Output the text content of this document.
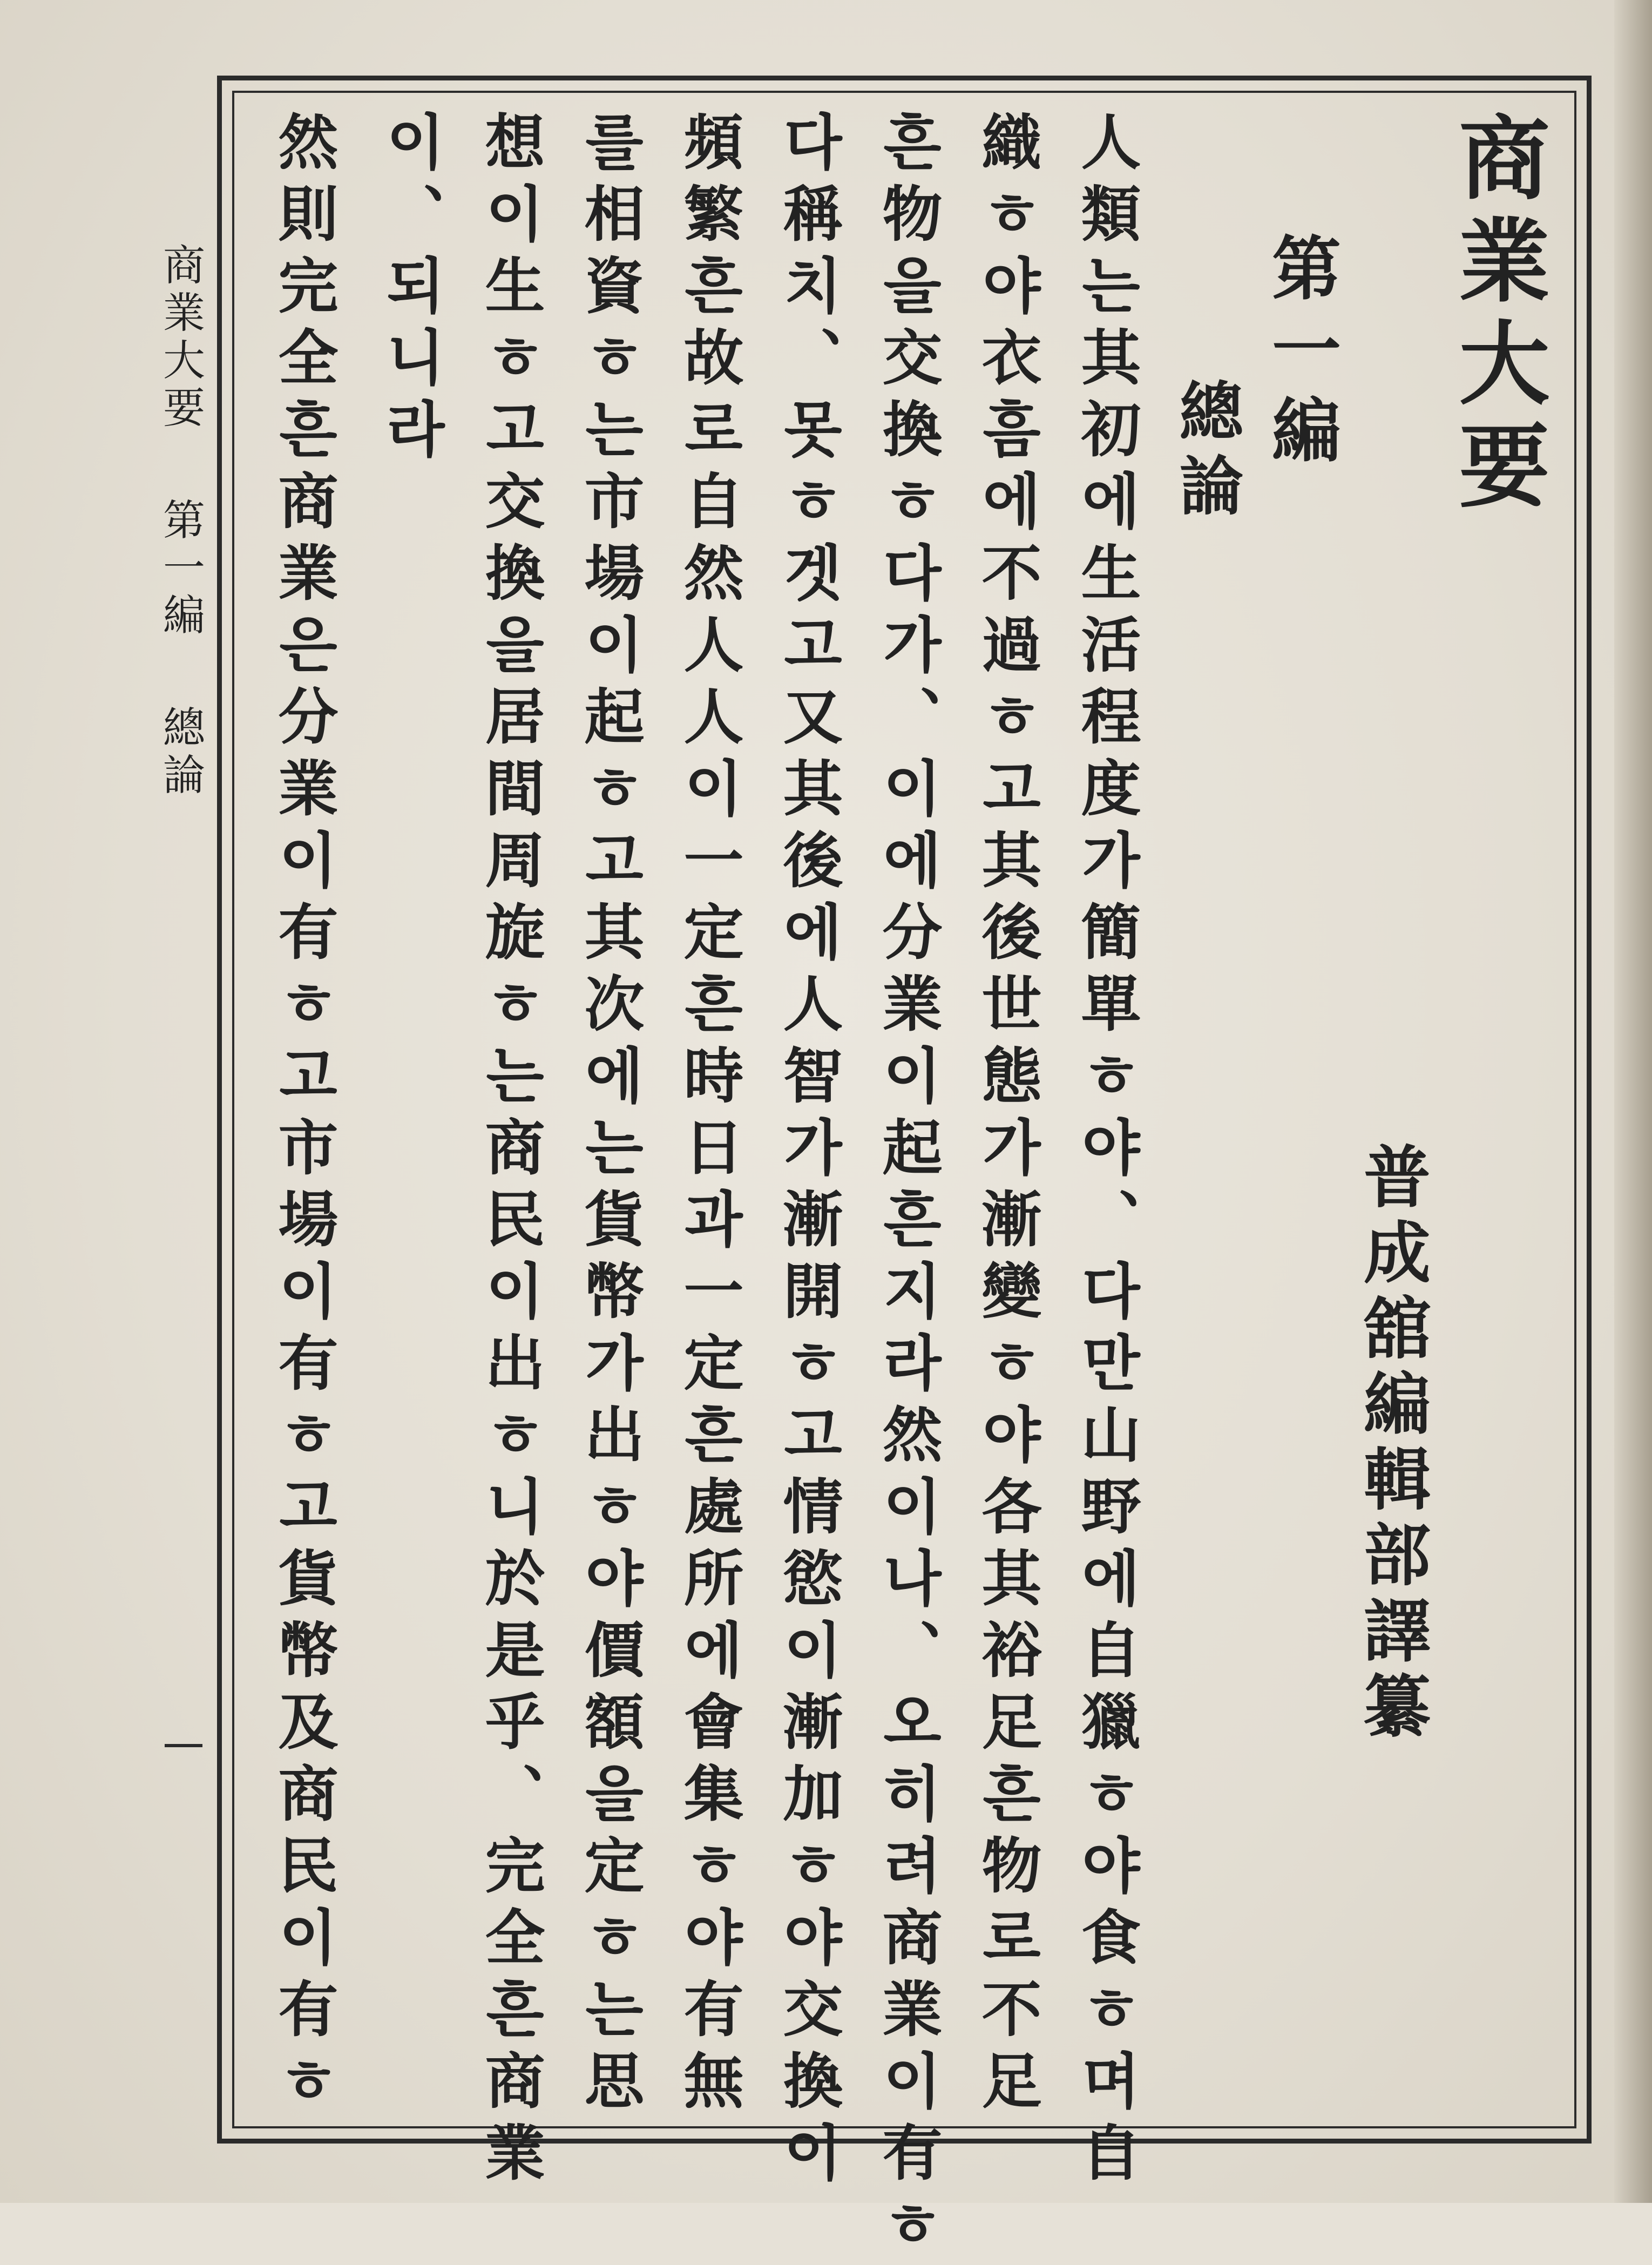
商業大要
第一編
總論
普成舘編輯部譯纂
人類는其初에生活程度가簡單ㅎ야、다만山野에自獵ㅎ야食ㅎ며自
織ㅎ야衣흠에不過ㅎ고其後世態가漸變ㅎ야各其裕足흔物로不足
흔物을交換ㅎ다가、이에分業이起흔지라然이나、오히려商業이有ㅎ
다稱치、못ㅎ겟고又其後에人智가漸開ㅎ고情慾이漸加ㅎ야交換이
頻繁흔故로自然人人이一定흔時日과一定흔處所에會集ㅎ야有無
를相資ㅎ는市場이起ㅎ고其次에는貨幣가出ㅎ야價額을定ㅎ는思
想이生ㅎ고交換을居間周旋ㅎ는商民이出ㅎ니於是乎、完全흔商業
이、되니라
然則完全흔商業은分業이有ㅎ고市場이有ㅎ고貨幣及商民이有ㅎ
商業大要第一編總論
